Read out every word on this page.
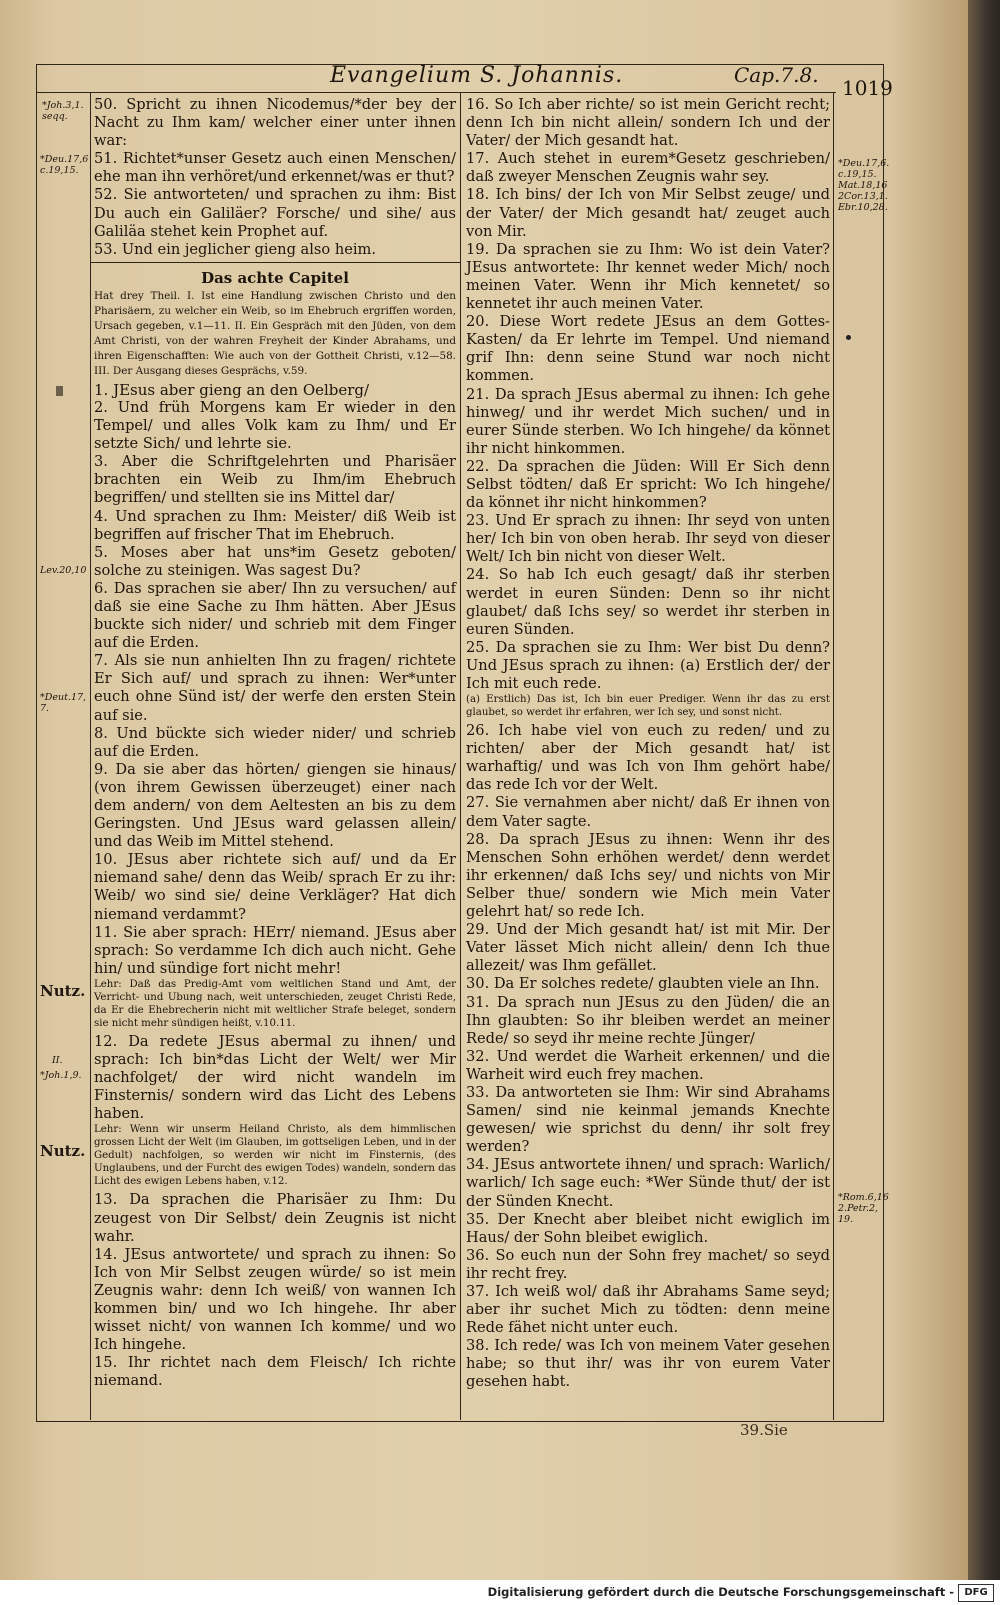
Evangelium S. Johannis.	Cap.7.8.
1019
*Joh.3,1. seqq.
*Deu.17,6 c.19,15.
Lev.20,10
*Deut.17, 7.
Nutz.
II.
*Joh.1,9.
Nutz.
*Deu.17,6. c.19,15. Mat.18,16 2Cor.13,1. Ebr.10,28.
*Rom.6,16 2.Petr.2, 19.

50. Spricht zu ihnen Nicodemus/*der bey der Nacht zu Ihm kam/ welcher einer unter ihnen war:

51. Richtet*unser Gesetz auch einen Menschen/ ehe man ihn verhöret/und erkennet/was er thut?

52. Sie antworteten/ und sprachen zu ihm: Bist Du auch ein Galiläer? Forsche/ und sihe/ aus Galiläa stehet kein Prophet auf.

53. Und ein jeglicher gieng also heim.

Das achte Capitel

Hat drey Theil. I. Ist eine Handlung zwischen Christo und den Pharisäern, zu welcher ein Weib, so im Ehebruch ergriffen worden, Ursach gegeben, v.1—11. II. Ein Gespräch mit den Jüden, von dem Amt Christi, von der wahren Freyheit der Kinder Abrahams, und ihren Eigenschafften: Wie auch von der Gottheit Christi, v.12—58. III. Der Ausgang dieses Gesprächs, v.59.

1. JEsus aber gieng an den Oelberg/

2. Und früh Morgens kam Er wieder in den Tempel/ und alles Volk kam zu Ihm/ und Er setzte Sich/ und lehrte sie.

3. Aber die Schriftgelehrten und Pharisäer brachten ein Weib zu Ihm/im Ehebruch begriffen/ und stellten sie ins Mittel dar/

4. Und sprachen zu Ihm: Meister/ diß Weib ist begriffen auf frischer That im Ehebruch.

5. Moses aber hat uns*im Gesetz geboten/ solche zu steinigen. Was sagest Du?

6. Das sprachen sie aber/ Ihn zu versuchen/ auf daß sie eine Sache zu Ihm hätten. Aber JEsus buckte sich nider/ und schrieb mit dem Finger auf die Erden.

7. Als sie nun anhielten Ihn zu fragen/ richtete Er Sich auf/ und sprach zu ihnen: Wer*unter euch ohne Sünd ist/ der werfe den ersten Stein auf sie.

8. Und bückte sich wieder nider/ und schrieb auf die Erden.

9. Da sie aber das hörten/ giengen sie hinaus/ (von ihrem Gewissen überzeuget) einer nach dem andern/ von dem Aeltesten an bis zu dem Geringsten. Und JEsus ward gelassen allein/ und das Weib im Mittel stehend.

10. JEsus aber richtete sich auf/ und da Er niemand sahe/ denn das Weib/ sprach Er zu ihr: Weib/ wo sind sie/ deine Verkläger? Hat dich niemand verdammt?

11. Sie aber sprach: HErr/ niemand. JEsus aber sprach: So verdamme Ich dich auch nicht. Gehe hin/ und sündige fort nicht mehr!

Lehr: Daß das Predig-Amt vom weltlichen Stand und Amt, der Verricht- und Ubung nach, weit unterschieden, zeuget Christi Rede, da Er die Ehebrecherin nicht mit weltlicher Strafe beleget, sondern sie nicht mehr sündigen heißt, v.10.11.

12. Da redete JEsus abermal zu ihnen/ und sprach: Ich bin*das Licht der Welt/ wer Mir nachfolget/ der wird nicht wandeln im Finsternis/ sondern wird das Licht des Lebens haben.

Lehr: Wenn wir unserm Heiland Christo, als dem himmlischen grossen Licht der Welt (im Glauben, im gottseligen Leben, und in der Gedult) nachfolgen, so werden wir nicht im Finsternis, (des Unglaubens, und der Furcht des ewigen Todes) wandeln, sondern das Licht des ewigen Lebens haben, v.12.

13. Da sprachen die Pharisäer zu Ihm: Du zeugest von Dir Selbst/ dein Zeugnis ist nicht wahr.

14. JEsus antwortete/ und sprach zu ihnen: So Ich von Mir Selbst zeugen würde/ so ist mein Zeugnis wahr: denn Ich weiß/ von wannen Ich kommen bin/ und wo Ich hingehe. Ihr aber wisset nicht/ von wannen Ich komme/ und wo Ich hingehe.

15. Ihr richtet nach dem Fleisch/ Ich richte niemand.

16. So Ich aber richte/ so ist mein Gericht recht; denn Ich bin nicht allein/ sondern Ich und der Vater/ der Mich gesandt hat.

17. Auch stehet in eurem*Gesetz geschrieben/ daß zweyer Menschen Zeugnis wahr sey.

18. Ich bins/ der Ich von Mir Selbst zeuge/ und der Vater/ der Mich gesandt hat/ zeuget auch von Mir.

19. Da sprachen sie zu Ihm: Wo ist dein Vater? JEsus antwortete: Ihr kennet weder Mich/ noch meinen Vater. Wenn ihr Mich kennetet/ so kennetet ihr auch meinen Vater.

20. Diese Wort redete JEsus an dem Gottes-Kasten/ da Er lehrte im Tempel. Und niemand grif Ihn: denn seine Stund war noch nicht kommen.

21. Da sprach JEsus abermal zu ihnen: Ich gehe hinweg/ und ihr werdet Mich suchen/ und in eurer Sünde sterben. Wo Ich hingehe/ da könnet ihr nicht hinkommen.

22. Da sprachen die Jüden: Will Er Sich denn Selbst tödten/ daß Er spricht: Wo Ich hingehe/ da könnet ihr nicht hinkommen?

23. Und Er sprach zu ihnen: Ihr seyd von unten her/ Ich bin von oben herab. Ihr seyd von dieser Welt/ Ich bin nicht von dieser Welt.

24. So hab Ich euch gesagt/ daß ihr sterben werdet in euren Sünden: Denn so ihr nicht glaubet/ daß Ichs sey/ so werdet ihr sterben in euren Sünden.

25. Da sprachen sie zu Ihm: Wer bist Du denn? Und JEsus sprach zu ihnen: (a) Erstlich der/ der Ich mit euch rede.

(a) Erstlich) Das ist, Ich bin euer Prediger. Wenn ihr das zu erst glaubet, so werdet ihr erfahren, wer Ich sey, und sonst nicht.

26. Ich habe viel von euch zu reden/ und zu richten/ aber der Mich gesandt hat/ ist warhaftig/ und was Ich von Ihm gehört habe/ das rede Ich vor der Welt.

27. Sie vernahmen aber nicht/ daß Er ihnen von dem Vater sagte.

28. Da sprach JEsus zu ihnen: Wenn ihr des Menschen Sohn erhöhen werdet/ denn werdet ihr erkennen/ daß Ichs sey/ und nichts von Mir Selber thue/ sondern wie Mich mein Vater gelehrt hat/ so rede Ich.

29. Und der Mich gesandt hat/ ist mit Mir. Der Vater lässet Mich nicht allein/ denn Ich thue allezeit/ was Ihm gefället.

30. Da Er solches redete/ glaubten viele an Ihn.

31. Da sprach nun JEsus zu den Jüden/ die an Ihn glaubten: So ihr bleiben werdet an meiner Rede/ so seyd ihr meine rechte Jünger/

32. Und werdet die Warheit erkennen/ und die Warheit wird euch frey machen.

33. Da antworteten sie Ihm: Wir sind Abrahams Samen/ sind nie keinmal jemands Knechte gewesen/ wie sprichst du denn/ ihr solt frey werden?

34. JEsus antwortete ihnen/ und sprach: Warlich/ warlich/ Ich sage euch: *Wer Sünde thut/ der ist der Sünden Knecht.

35. Der Knecht aber bleibet nicht ewiglich im Haus/ der Sohn bleibet ewiglich.

36. So euch nun der Sohn frey machet/ so seyd ihr recht frey.

37. Ich weiß wol/ daß ihr Abrahams Same seyd; aber ihr suchet Mich zu tödten: denn meine Rede fähet nicht unter euch.

38. Ich rede/ was Ich von meinem Vater gesehen habe; so thut ihr/ was ihr von eurem Vater gesehen habt.

39.Sie
Digitalisierung gefördert durch die Deutsche Forschungsgemeinschaft -	DFG
